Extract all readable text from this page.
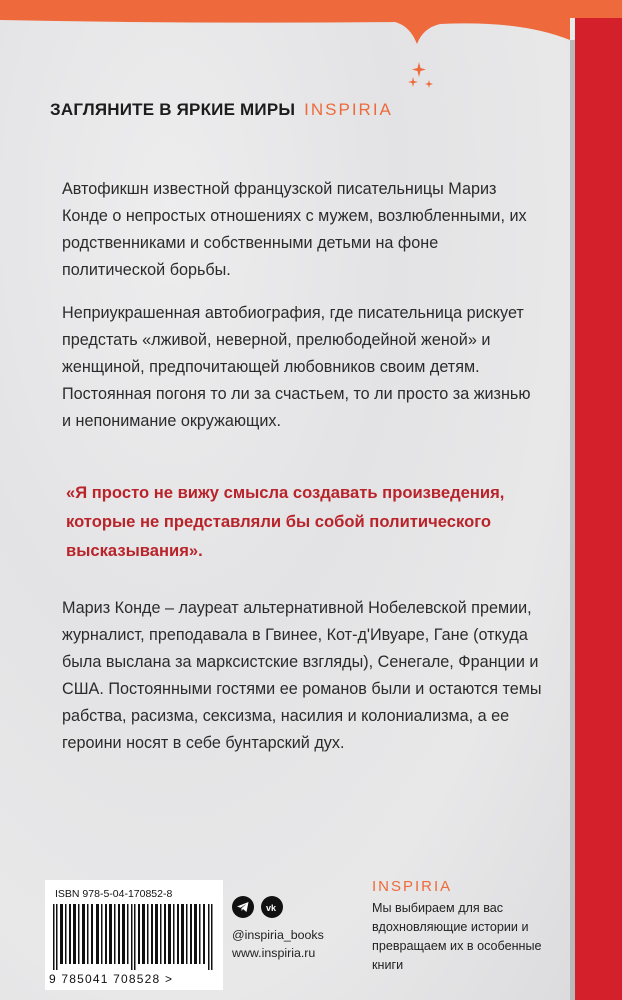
ЗАГЛЯНИТЕ В ЯРКИЕ МИРЫ INSPIRIA

Автофикшн известной французской писательницы Мариз Конде о непростых отношениях с мужем, возлюбленными, их родственниками и собственными детьми на фоне политической борьбы.

Неприукрашенная автобиография, где писательница рискует предстать «лживой, неверной, прелюбодейной женой» и женщиной, предпочитающей любовников своим детям. Постоянная погоня то ли за счастьем, то ли просто за жизнью и непонимание окружающих.

«Я просто не вижу смысла создавать произведения, которые не представляли бы собой политического высказывания».

Мариз Конде – лауреат альтернативной Нобелевской премии, журналист, преподавала в Гвинее, Кот-д'Ивуаре, Гане (откуда была выслана за марксистские взгляды), Сенегале, Франции и США. Постоянными гостями ее романов были и остаются темы рабства, расизма, сексизма, насилия и колониализма, а ее героини носят в себе бунтарский дух.

ISBN 978-5-04-170852-8
9 785041 708528 >
vk
@inspiria_books
www.inspiria.ru
INSPIRIA
Мы выбираем для вас вдохновляющие истории и превращаем их в особенные книги
